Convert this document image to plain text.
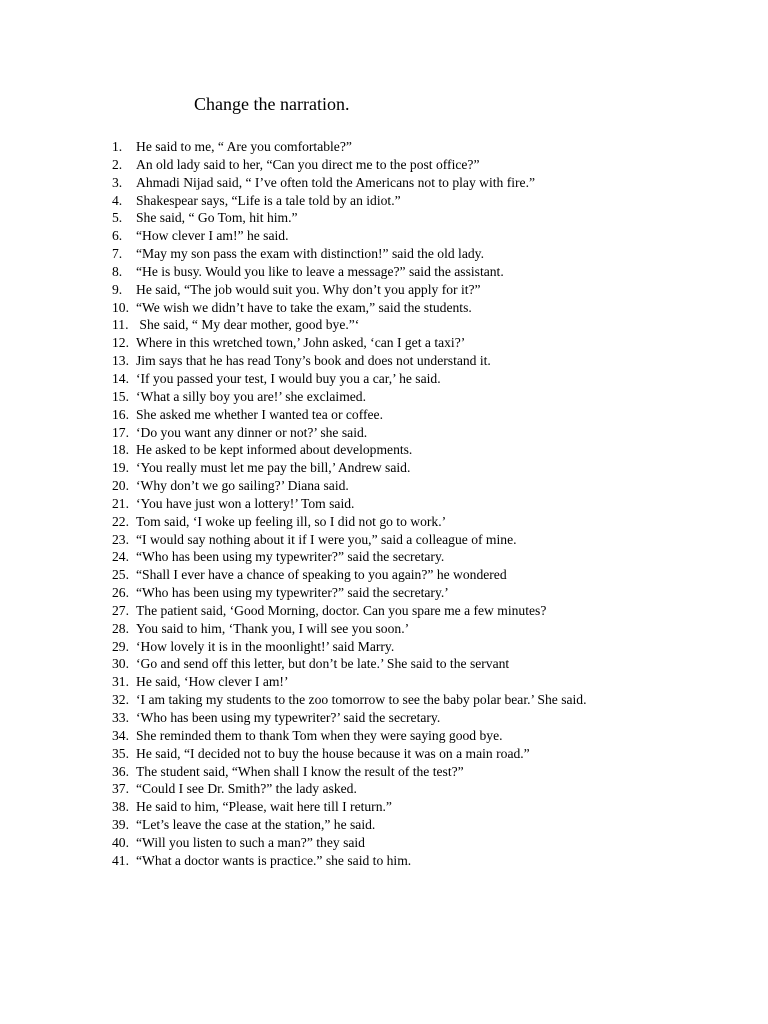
Change the narration.
1. He said to me, “ Are you comfortable?”
2. An old lady said to her, “Can you direct me to the post office?”
3. Ahmadi Nijad said, “ I’ve often told the Americans not to play with fire.”
4. Shakespear says, “Life is a tale told by an idiot.”
5. She said, “ Go Tom, hit him.”
6. “How clever I am!” he said.
7. “May my son pass the exam with distinction!” said the old lady.
8. “He is busy. Would you like to leave a message?” said the assistant.
9. He said, “The job would suit you. Why don’t you apply for it?”
10. “We wish we didn’t have to take the exam,” said the students.
11. She said, “ My dear mother, good bye.”‘
12. Where in this wretched town,’ John asked, ‘can I get a taxi?’
13. Jim says that he has read Tony’s book and does not understand it.
14. ‘If you passed your test, I would buy you a car,’ he said.
15. ‘What a silly boy you are!’ she exclaimed.
16. She asked me whether I wanted tea or coffee.
17. ‘Do you want any dinner or not?’ she said.
18. He asked to be kept informed about developments.
19. ‘You really must let me pay the bill,’ Andrew said.
20. ‘Why don’t we go sailing?’ Diana said.
21. ‘You have just won a lottery!’ Tom said.
22. Tom said, ‘I woke up feeling ill, so I did not go to work.’
23. “I would say nothing about it if I were you,” said a colleague of mine.
24. “Who has been using my typewriter?” said the secretary.
25. “Shall I ever have a chance of speaking to you again?” he wondered
26. “Who has been using my typewriter?” said the secretary.’
27. The patient said, ‘Good Morning, doctor. Can you spare me a few minutes?
28. You said to him, ‘Thank you, I will see you soon.’
29. ‘How lovely it is in the moonlight!’ said Marry.
30. ‘Go and send off this letter, but don’t be late.’ She said to the servant
31. He said, ‘How clever I am!’
32. ‘I am taking my students to the zoo tomorrow to see the baby polar bear.’ She said.
33. ‘Who has been using my typewriter?’ said the secretary.
34. She reminded them to thank Tom when they were saying good bye.
35. He said, “I decided not to buy the house because it was on a main road.”
36. The student said, “When shall I know the result of the test?”
37. “Could I see Dr. Smith?” the lady asked.
38. He said to him, “Please, wait here till I return.”
39. “Let’s leave the case at the station,” he said.
40. “Will you listen to such a man?” they said
41. “What a doctor wants is practice.” she said to him.
